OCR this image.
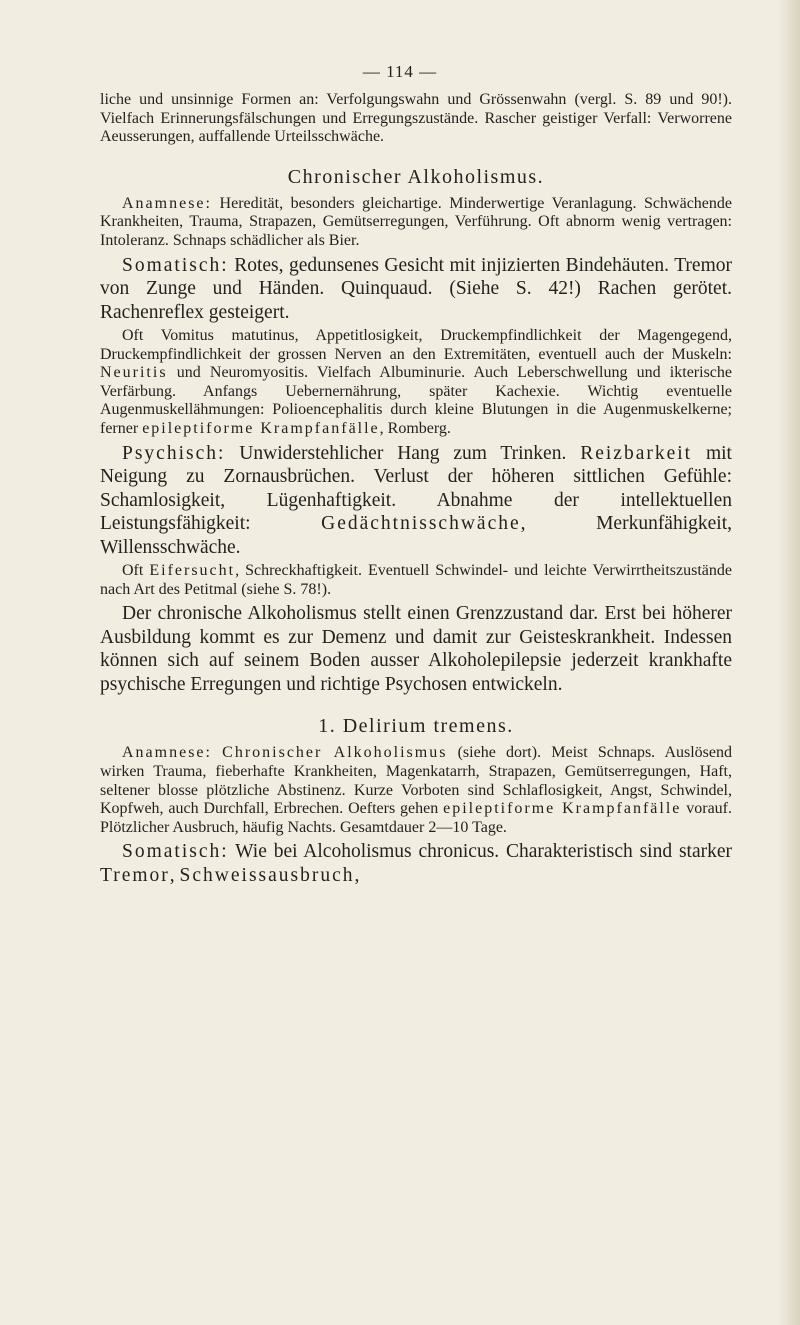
— 114 —

liche und unsinnige Formen an: Verfolgungswahn und Grössenwahn (vergl. S. 89 und 90!). Vielfach Erinnerungsfälschungen und Erregungszustände. Rascher geistiger Verfall: Verworrene Aeusserungen, auffallende Urteilsschwäche.

Chronischer Alkoholismus.

Anamnese: Heredität, besonders gleichartige. Minderwertige Veranlagung. Schwächende Krankheiten, Trauma, Strapazen, Gemütserregungen, Verführung. Oft abnorm wenig vertragen: Intoleranz. Schnaps schädlicher als Bier.

Somatisch: Rotes, gedunsenes Gesicht mit injizierten Bindehäuten. Tremor von Zunge und Händen. Quinquaud. (Siehe S. 42!) Rachen gerötet. Rachenreflex gesteigert.

Oft Vomitus matutinus, Appetitlosigkeit, Druckempfindlichkeit der Magengegend, Druckempfindlichkeit der grossen Nerven an den Extremitäten, eventuell auch der Muskeln: Neuritis und Neuromyositis. Vielfach Albuminurie. Auch Leberschwellung und ikterische Verfärbung. Anfangs Uebernernährung, später Kachexie. Wichtig eventuelle Augenmuskellähmungen: Polioencephalitis durch kleine Blutungen in die Augenmuskelkerne; ferner epileptiforme Krampfanfälle, Romberg.

Psychisch: Unwiderstehlicher Hang zum Trinken. Reizbarkeit mit Neigung zu Zornausbrüchen. Verlust der höheren sittlichen Gefühle: Schamlosigkeit, Lügenhaftigkeit. Abnahme der intellektuellen Leistungsfähigkeit: Gedächtnisschwäche, Merkunfähigkeit, Willensschwäche.

Oft Eifersucht, Schreckhaftigkeit. Eventuell Schwindel- und leichte Verwirrtheitszustände nach Art des Petitmal (siehe S. 78!).

Der chronische Alkoholismus stellt einen Grenzzustand dar. Erst bei höherer Ausbildung kommt es zur Demenz und damit zur Geisteskrankheit. Indessen können sich auf seinem Boden ausser Alkoholepilepsie jederzeit krankhafte psychische Erregungen und richtige Psychosen entwickeln.

1. Delirium tremens.

Anamnese: Chronischer Alkoholismus (siehe dort). Meist Schnaps. Auslösend wirken Trauma, fieberhafte Krankheiten, Magenkatarrh, Strapazen, Gemütserregungen, Haft, seltener blosse plötzliche Abstinenz. Kurze Vorboten sind Schlaflosigkeit, Angst, Schwindel, Kopfweh, auch Durchfall, Erbrechen. Oefters gehen epileptiforme Krampfanfälle vorauf. Plötzlicher Ausbruch, häufig Nachts. Gesamtdauer 2—10 Tage.

Somatisch: Wie bei Alcoholismus chronicus. Charakteristisch sind starker Tremor, Schweissausbruch,
